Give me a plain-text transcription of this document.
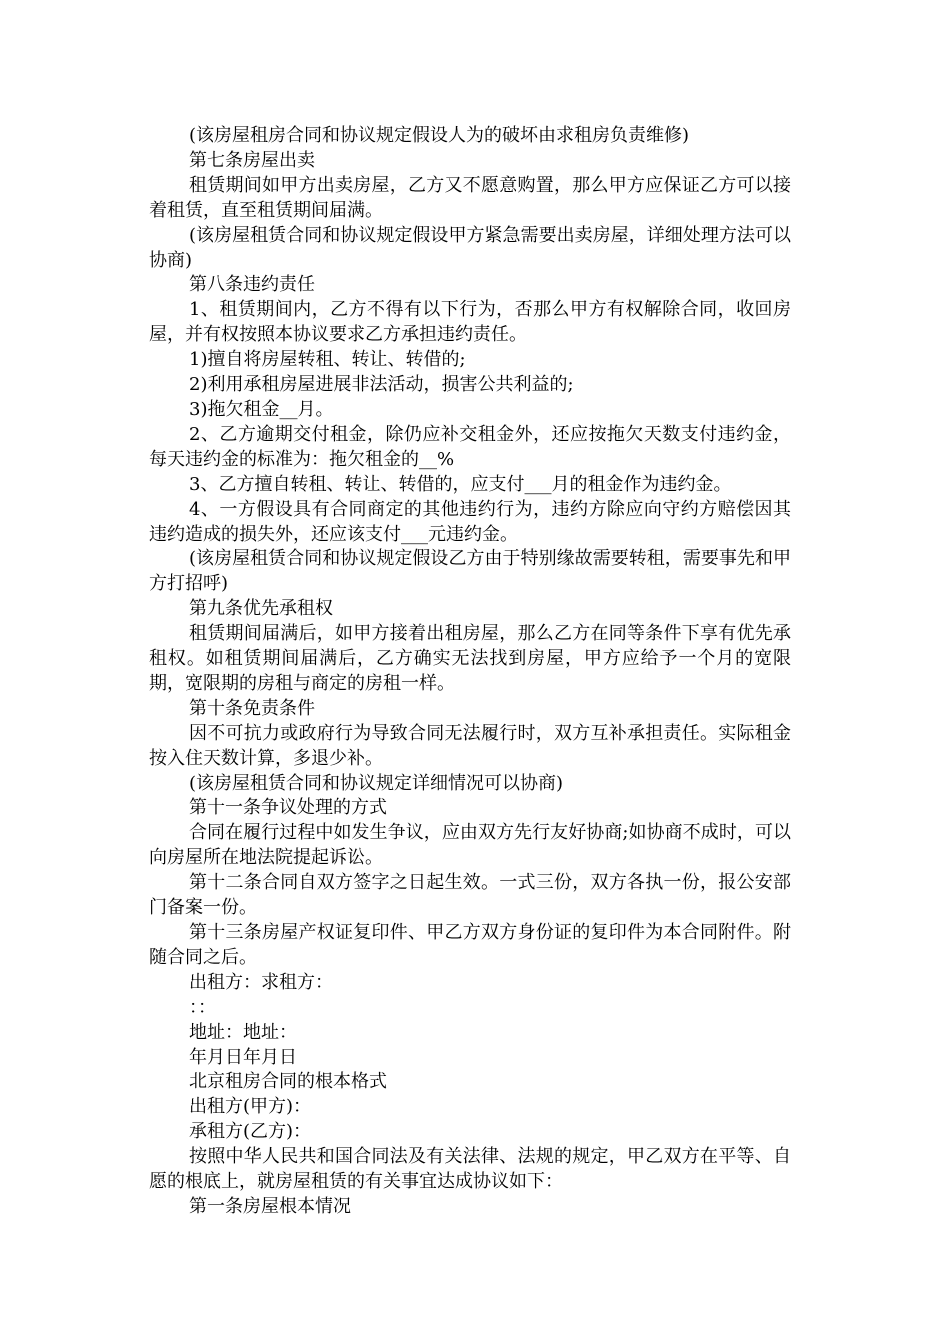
(该房屋租房合同和协议规定假设人为的破坏由求租房负责维修)

第七条房屋出卖

租赁期间如甲方出卖房屋，乙方又不愿意购置，那么甲方应保证乙方可以接着租赁，直至租赁期间届满。

(该房屋租赁合同和协议规定假设甲方紧急需要出卖房屋，详细处理方法可以协商)

第八条违约责任

1、租赁期间内，乙方不得有以下行为，否那么甲方有权解除合同，收回房屋，并有权按照本协议要求乙方承担违约责任。

1)擅自将房屋转租、转让、转借的;

2)利用承租房屋进展非法活动，损害公共利益的;

3)拖欠租金__月。

2、乙方逾期交付租金，除仍应补交租金外，还应按拖欠天数支付违约金，每天违约金的标准为：拖欠租金的__%

3、乙方擅自转租、转让、转借的，应支付___月的租金作为违约金。

4、一方假设具有合同商定的其他违约行为，违约方除应向守约方赔偿因其违约造成的损失外，还应该支付___元违约金。

(该房屋租赁合同和协议规定假设乙方由于特别缘故需要转租，需要事先和甲方打招呼)

第九条优先承租权

租赁期间届满后，如甲方接着出租房屋，那么乙方在同等条件下享有优先承租权。如租赁期间届满后，乙方确实无法找到房屋，甲方应给予一个月的宽限期，宽限期的房租与商定的房租一样。

第十条免责条件

因不可抗力或政府行为导致合同无法履行时，双方互补承担责任。实际租金按入住天数计算，多退少补。

(该房屋租赁合同和协议规定详细情况可以协商)

第十一条争议处理的方式

合同在履行过程中如发生争议，应由双方先行友好协商;如协商不成时，可以向房屋所在地法院提起诉讼。

第十二条合同自双方签字之日起生效。一式三份，双方各执一份，报公安部门备案一份。

第十三条房屋产权证复印件、甲乙方双方身份证的复印件为本合同附件。附随合同之后。

出租方：求租方：

：：

地址：地址：

年月日年月日

北京租房合同的根本格式

出租方(甲方)：

承租方(乙方)：

按照中华人民共和国合同法及有关法律、法规的规定，甲乙双方在平等、自愿的根底上，就房屋租赁的有关事宜达成协议如下：

第一条房屋根本情况
